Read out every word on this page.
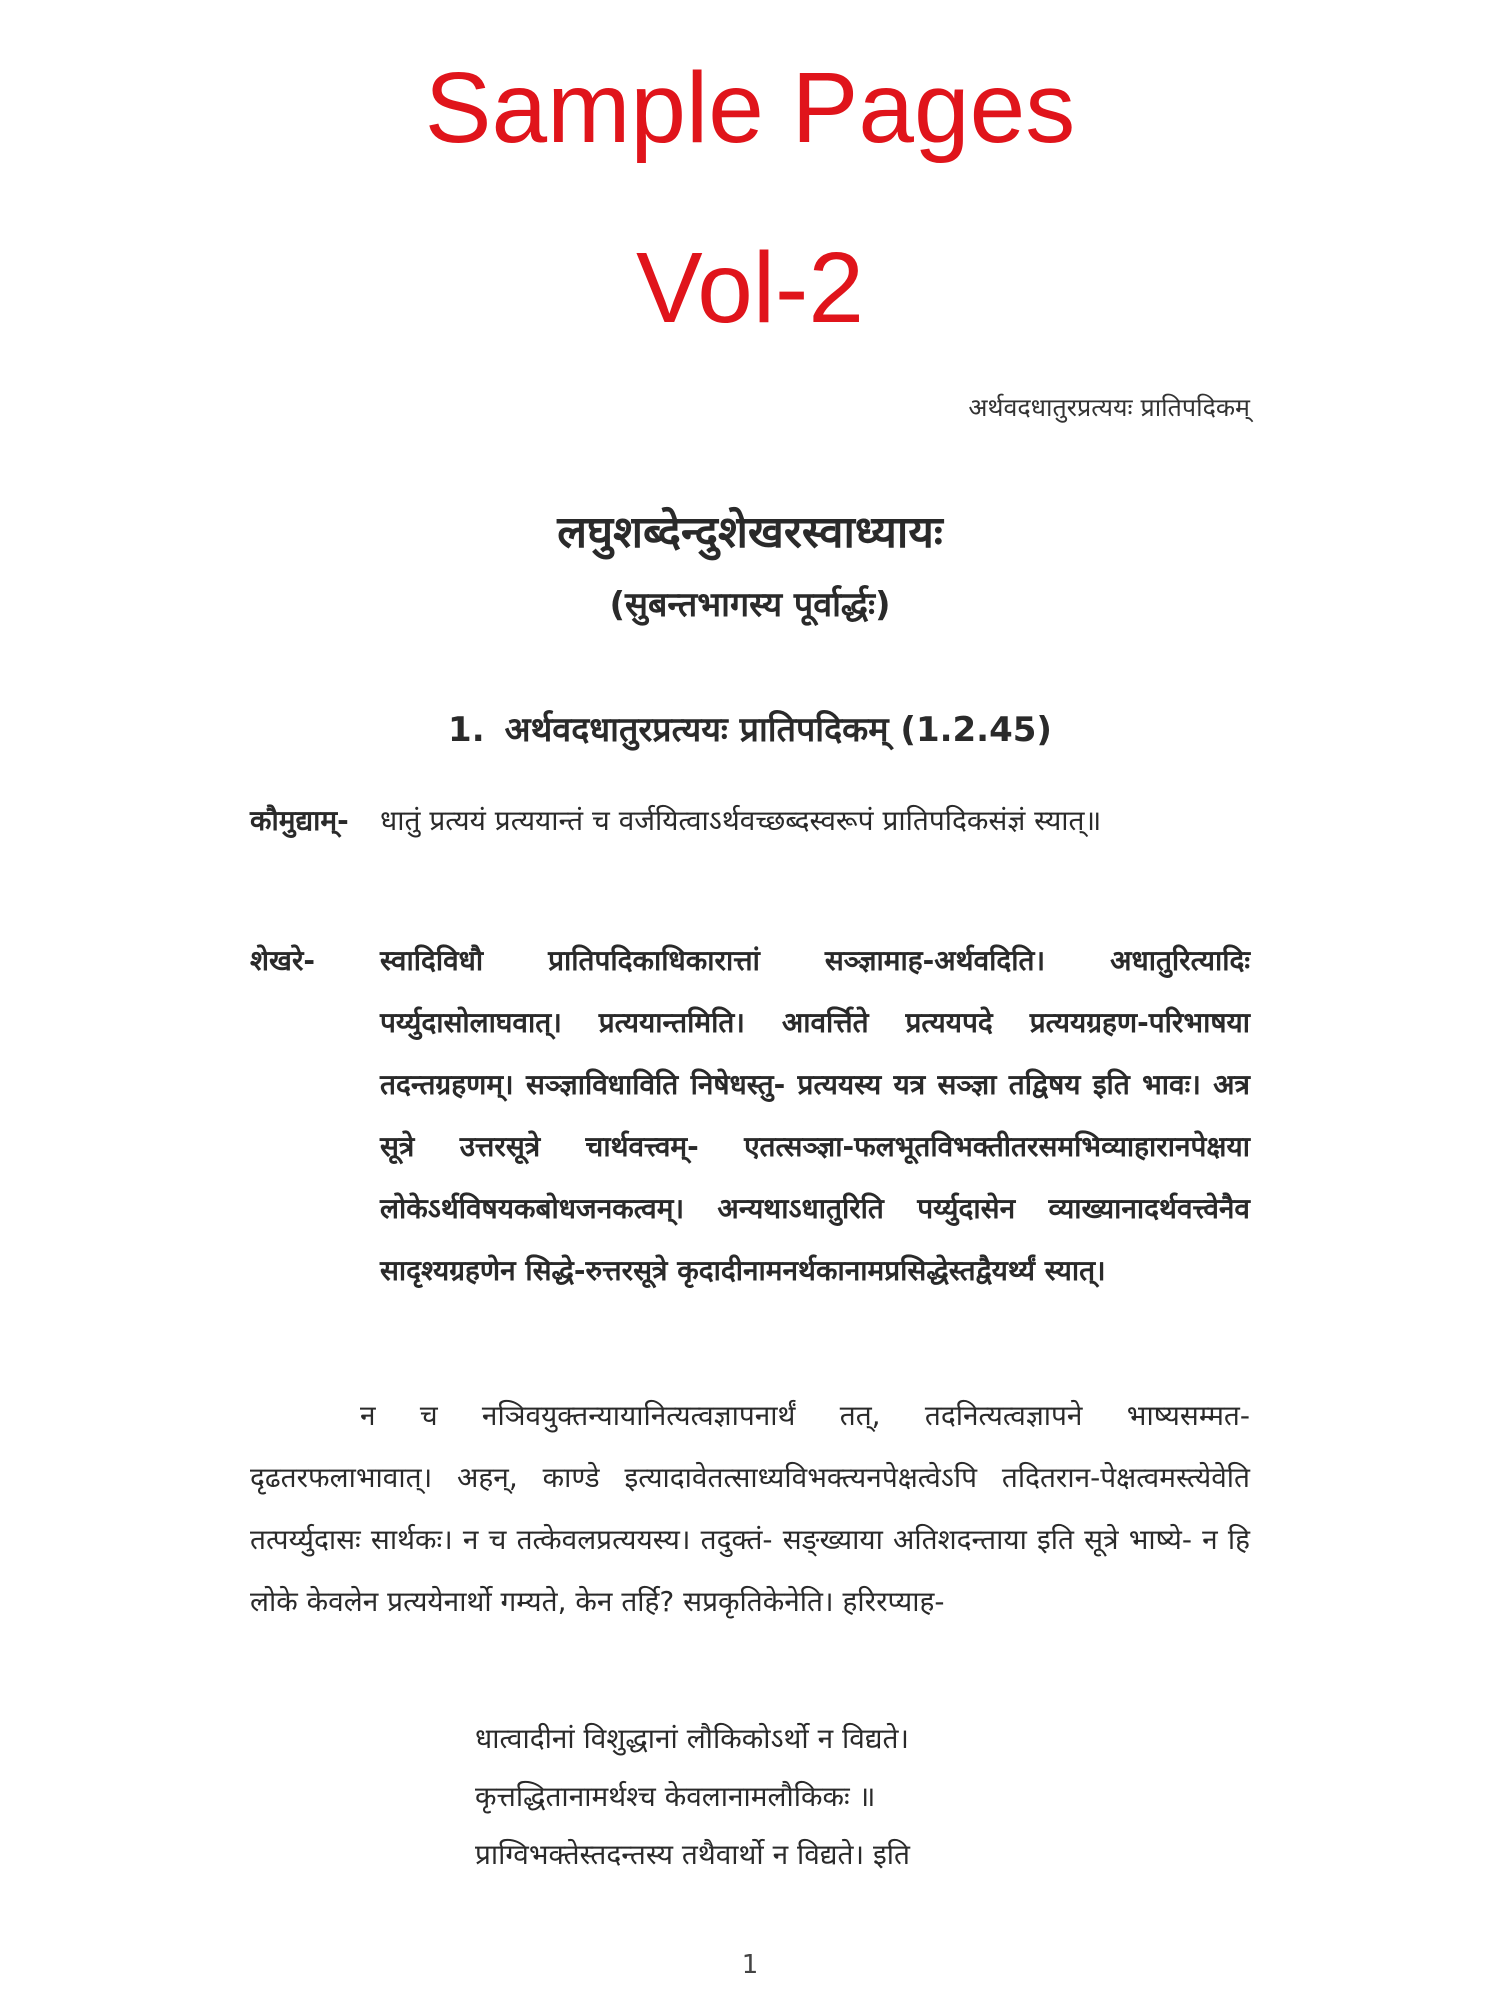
Sample Pages
Vol-2
अर्थवदधातुरप्रत्ययः प्रातिपदिकम्
लघुशब्देन्दुशेखरस्वाध्यायः
(सुबन्तभागस्य पूर्वार्द्धः)
1. अर्थवदधातुरप्रत्ययः प्रातिपदिकम् (1.2.45)
कौमुद्याम्-	धातुं प्रत्ययं प्रत्ययान्तं च वर्जयित्वाऽर्थवच्छब्दस्वरूपं प्रातिपदिकसंज्ञं स्यात्॥
शेखरे-	स्वादिविधौ प्रातिपदिकाधिकारात्तां सञ्ज्ञामाह-अर्थवदिति। अधातुरित्यादिः पर्य्युदासोलाघवात्। प्रत्ययान्तमिति। आवर्त्तिते प्रत्ययपदे प्रत्ययग्रहण-परिभाषया तदन्तग्रहणम्। सञ्ज्ञाविधाविति निषेधस्तु- प्रत्ययस्य यत्र सञ्ज्ञा तद्विषय इति भावः। अत्र सूत्रे उत्तरसूत्रे चार्थवत्त्वम्- एतत्सञ्ज्ञा-फलभूतविभक्तीतरसमभिव्याहारानपेक्षया लोकेऽर्थविषयकबोधजनकत्वम्। अन्यथाऽधातुरिति पर्य्युदासेन व्याख्यानादर्थवत्त्वेनैव सादृश्यग्रहणेन सिद्धे-रुत्तरसूत्रे कृदादीनामनर्थकानामप्रसिद्धेस्तद्वैयर्थ्यं स्यात्।

न च नञिवयुक्तन्यायानित्यत्वज्ञापनार्थं तत्, तदनित्यत्वज्ञापने भाष्यसम्मत-दृढतरफलाभावात्। अहन्, काण्डे इत्यादावेतत्साध्यविभक्त्यनपेक्षत्वेऽपि तदितरान-पेक्षत्वमस्त्येवेति तत्पर्य्युदासः सार्थकः। न च तत्केवलप्रत्ययस्य। तदुक्तं- सङ्ख्याया अतिशदन्ताया इति सूत्रे भाष्ये- न हि लोके केवलेन प्रत्ययेनार्थो गम्यते, केन तर्हि? सप्रकृतिकेनेति। हरिरप्याह-

धात्वादीनां विशुद्धानां लौकिकोऽर्थो न विद्यते।
कृत्तद्धितानामर्थश्च केवलानामलौकिकः ॥
प्राग्विभक्तेस्तदन्तस्य तथैवार्थो न विद्यते। इति
1
